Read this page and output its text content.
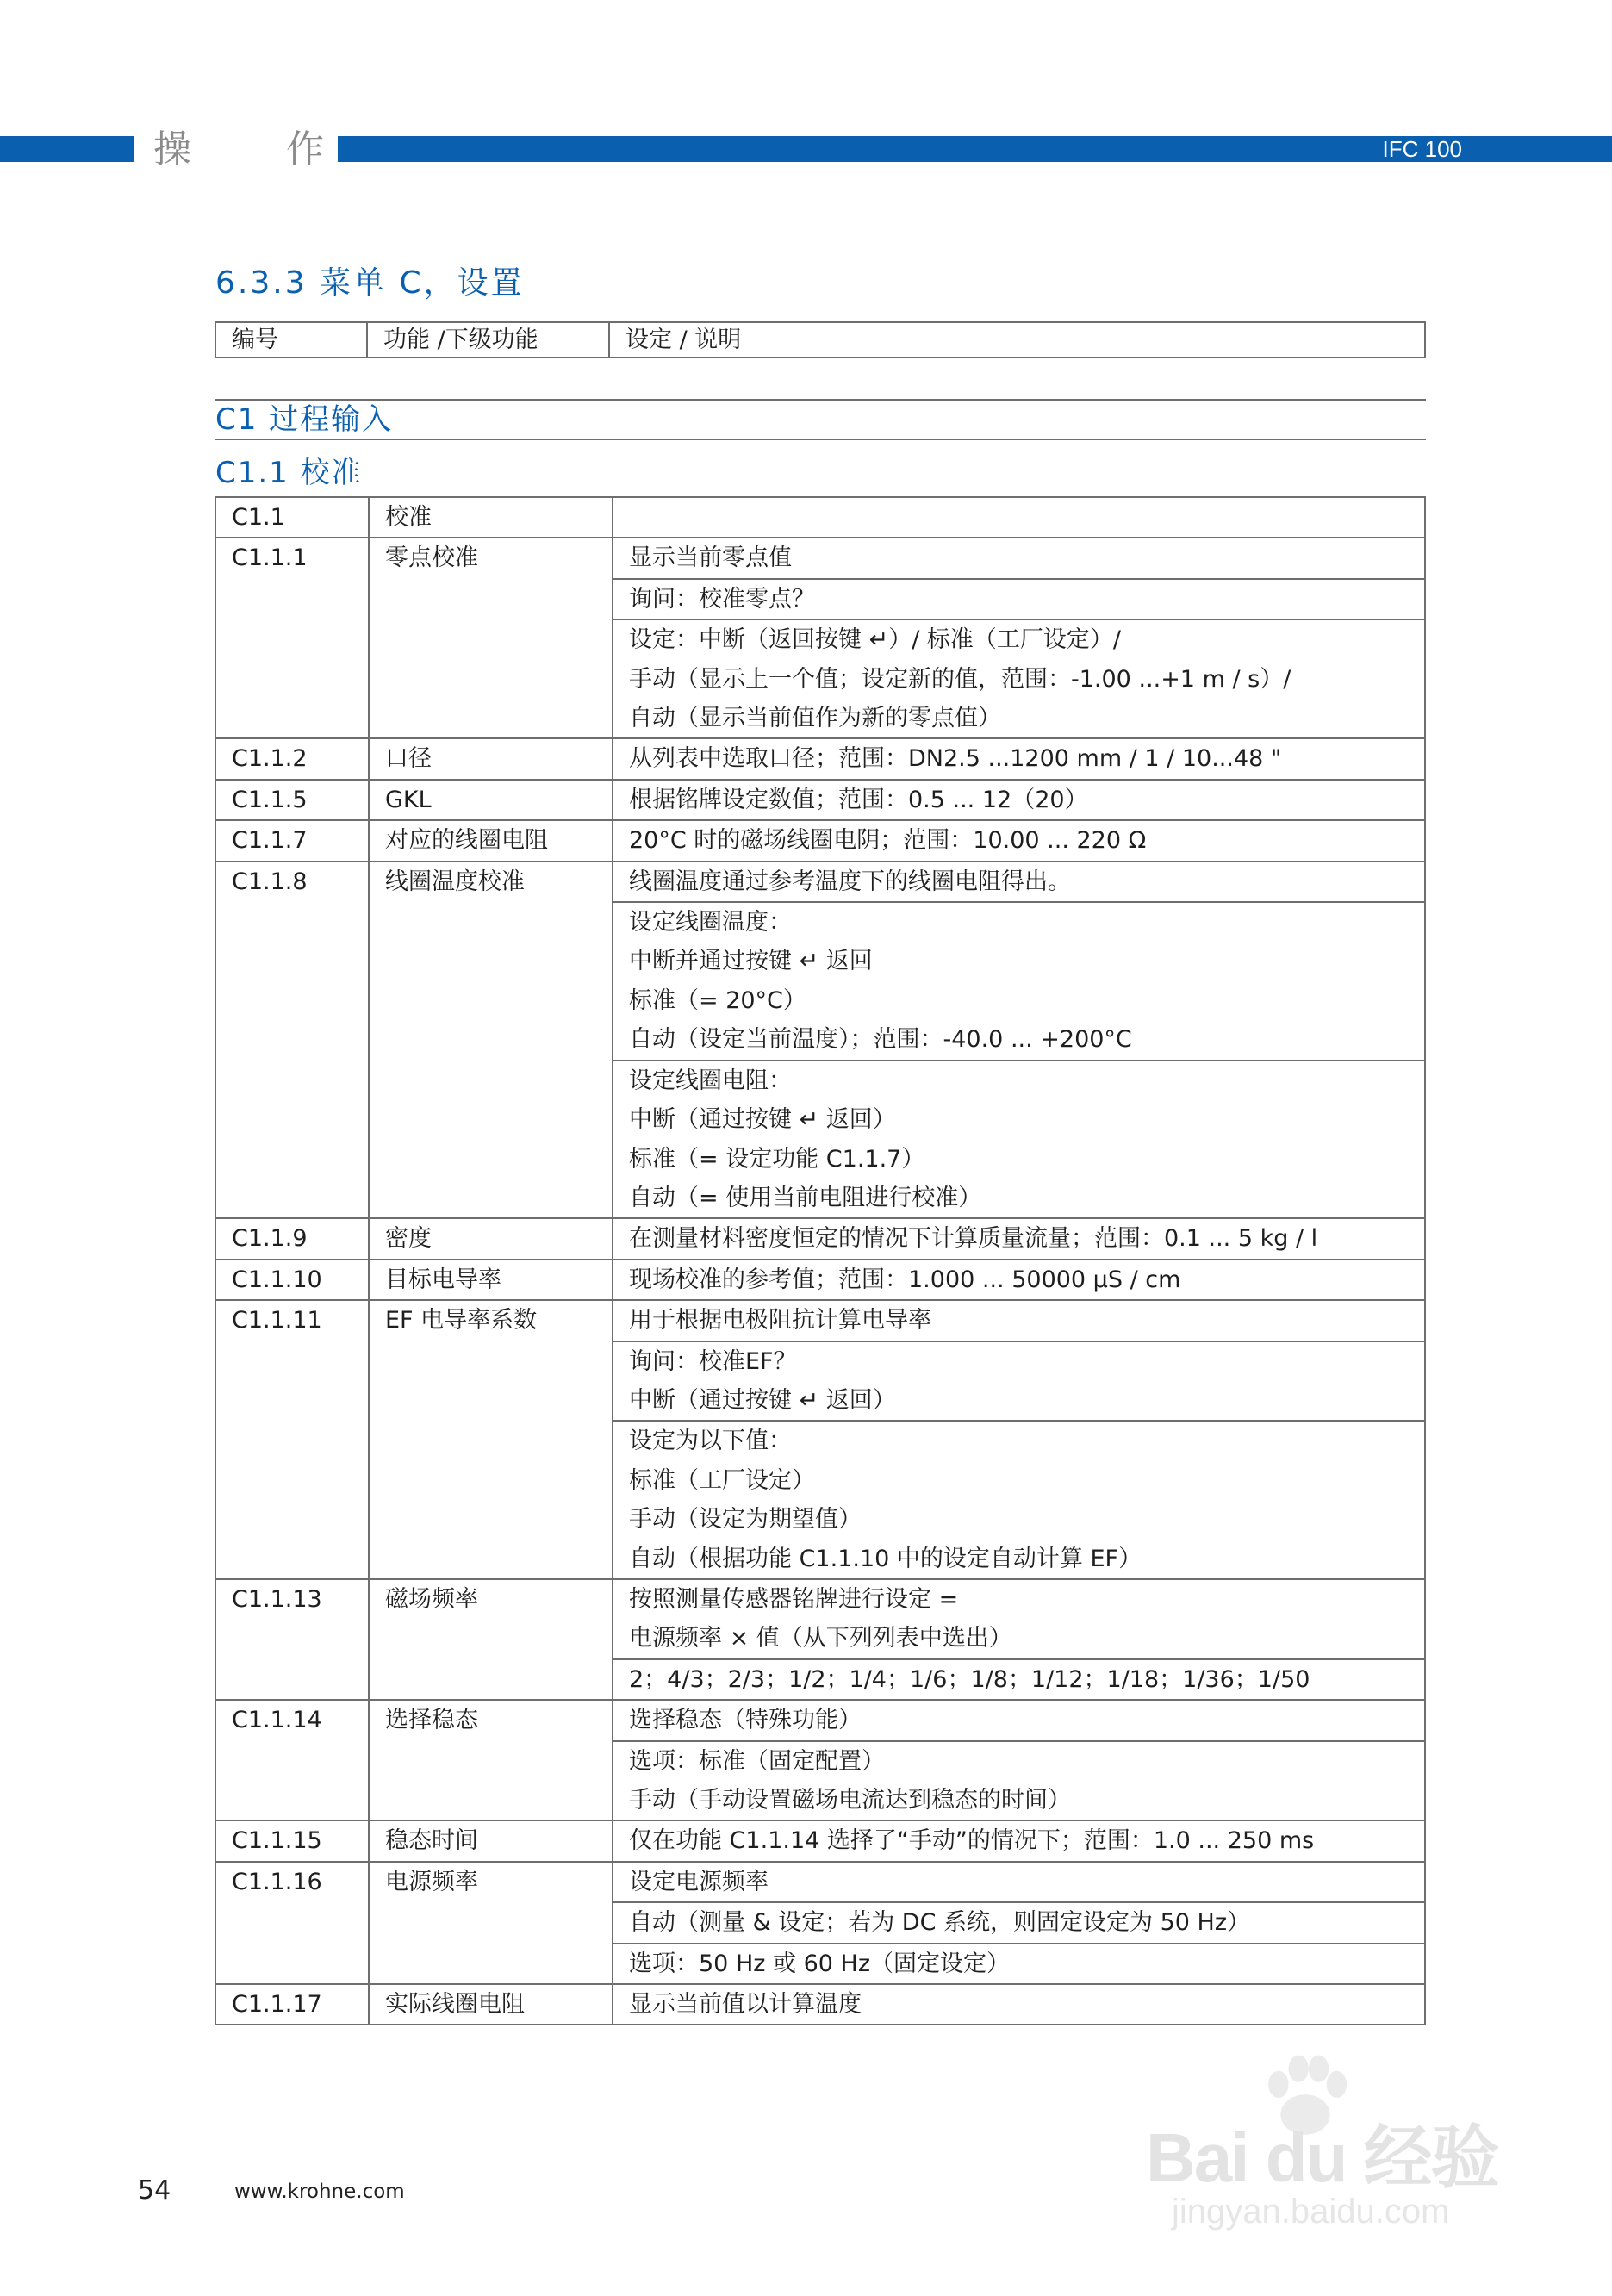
操作	IFC 100
6.3.3 菜单 C，设置
编号	功能 /下级功能	设定 / 说明
C1 过程输入
C1.1 校准
C1.1	校准	

C1.1.1	零点校准	显示当前零点值

		询问：校准零点？

		设定：中断（返回按键 ↵）/ 标准（工厂设定）/
手动（显示上一个值；设定新的值，范围：-1.00 ...+1 m / s）/
自动（显示当前值作为新的零点值）

C1.1.2	口径	从列表中选取口径；范围：DN2.5 ...1200 mm / 1 / 10...48 "

C1.1.5	GKL	根据铭牌设定数值；范围：0.5 ... 12（20）

C1.1.7	对应的线圈电阻	20°C 时的磁场线圈电阴；范围：10.00 ... 220 Ω

C1.1.8	线圈温度校准	线圈温度通过参考温度下的线圈电阻得出。

		设定线圈温度：
中断并通过按键 ↵ 返回
标准（= 20°C）
自动（设定当前温度）；范围：-40.0 ... +200°C

		设定线圈电阻：
中断（通过按键 ↵ 返回）
标准（= 设定功能 C1.1.7）
自动（= 使用当前电阻进行校准）

C1.1.9	密度	在测量材料密度恒定的情况下计算质量流量；范围：0.1 ... 5 kg / l

C1.1.10	目标电导率	现场校准的参考值；范围：1.000 ... 50000 μS / cm

C1.1.11	EF 电导率系数	用于根据电极阻抗计算电导率

		询问：校准EF？
中断（通过按键 ↵ 返回）

		设定为以下值：
标准（工厂设定）
手动（设定为期望值）
自动（根据功能 C1.1.10 中的设定自动计算 EF）

C1.1.13	磁场频率	按照测量传感器铭牌进行设定 =
电源频率 × 值（从下列列表中选出）

		2；4/3；2/3；1/2；1/4；1/6；1/8；1/12；1/18；1/36；1/50

C1.1.14	选择稳态	选择稳态（特殊功能）

		选项：标准（固定配置）
手动（手动设置磁场电流达到稳态的时间）

C1.1.15	稳态时间	仅在功能 C1.1.14 选择了“手动”的情况下；范围：1.0 ... 250 ms

C1.1.16	电源频率	设定电源频率

		自动（测量 & 设定；若为 DC 系统，则固定设定为 50 Hz）

		选项：50 Hz 或 60 Hz（固定设定）

C1.1.17	实际线圈电阻	显示当前值以计算温度
54	www.krohne.com	Bai du 经验
jingyan.baidu.com
